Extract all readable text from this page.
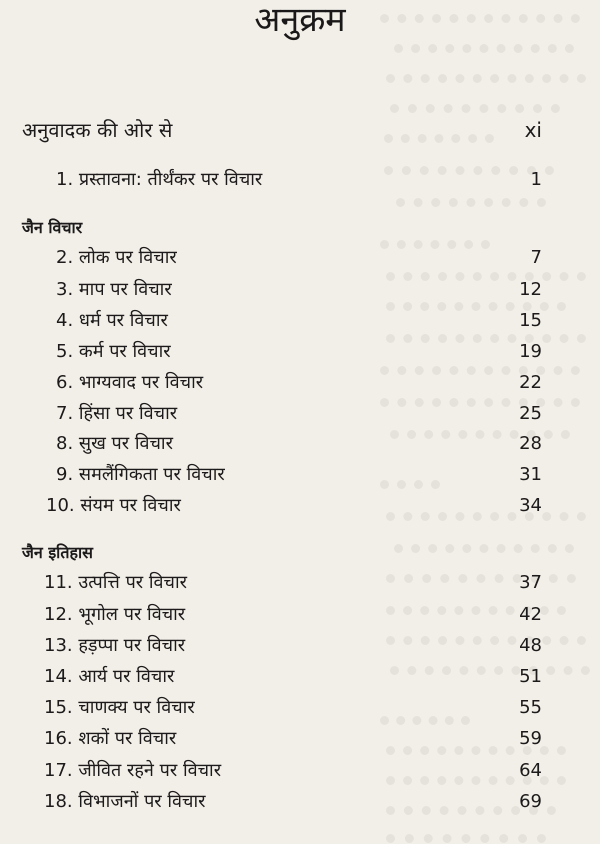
अनुक्रम
अनुवादक की ओर से	xi
1. प्रस्तावना: तीर्थंकर पर विचार	1
जैन विचार
2. लोक पर विचार	7
3. माप पर विचार	12
4. धर्म पर विचार	15
5. कर्म पर विचार	19
6. भाग्यवाद पर विचार	22
7. हिंसा पर विचार	25
8. सुख पर विचार	28
9. समलैंगिकता पर विचार	31
10. संयम पर विचार	34
जैन इतिहास
11. उत्पत्ति पर विचार	37
12. भूगोल पर विचार	42
13. हड़प्पा पर विचार	48
14. आर्य पर विचार	51
15. चाणक्य पर विचार	55
16. शकों पर विचार	59
17. जीवित रहने पर विचार	64
18. विभाजनों पर विचार	69
